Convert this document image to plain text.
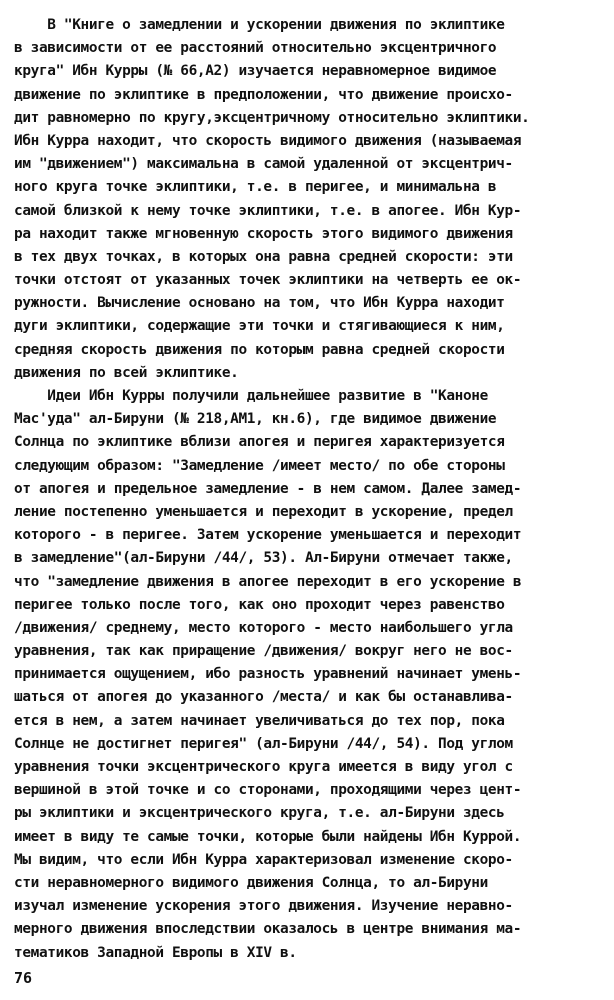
В "Книге о замедлении и ускорении движения по эклиптике
в зависимости от ее расстояний относительно эксцентричного
круга" Ибн Курры (№ 66,А2) изучается неравномерное видимое
движение по эклиптике в предположении, что движение происхо-
дит равномерно по кругу,эксцентричному относительно эклиптики.
Ибн Курра находит, что скорость видимого движения (называемая
им "движением") максимальна в самой удаленной от эксцентрич-
ного круга точке эклиптики, т.е. в перигее, и минимальна в
самой близкой к нему точке эклиптики, т.е. в апогее. Ибн Кур-
ра находит также мгновенную скорость этого видимого движения
в тех двух точках, в которых она равна средней скорости: эти
точки отстоят от указанных точек эклиптики на четверть ее ок-
ружности. Вычисление основано на том, что Ибн Курра находит
дуги эклиптики, содержащие эти точки и стягивающиеся к ним,
средняя скорость движения по которым равна средней скорости
движения по всей эклиптике.
Идеи Ибн Курры получили дальнейшее развитие в "Каноне
Мас'уда" ал-Бируни (№ 218,АМ1, кн.6), где видимое движение
Солнца по эклиптике вблизи апогея и перигея характеризуется
следующим образом: "Замедление /имеет место/ по обе стороны
от апогея и предельное замедление - в нем самом. Далее замед-
ление постепенно уменьшается и переходит в ускорение, предел
которого - в перигее. Затем ускорение уменьшается и переходит
в замедление"(ал-Бируни /44/, 53). Ал-Бируни отмечает также,
что "замедление движения в апогее переходит в его ускорение в
перигее только после того, как оно проходит через равенство
/движения/ среднему, место которого - место наибольшего угла
уравнения, так как приращение /движения/ вокруг него не вос-
принимается ощущением, ибо разность уравнений начинает умень-
шаться от апогея до указанного /места/ и как бы останавлива-
ется в нем, а затем начинает увеличиваться до тех пор, пока
Солнце не достигнет перигея" (ал-Бируни /44/, 54). Под углом
уравнения точки эксцентрического круга имеется в виду угол с
вершиной в этой точке и со сторонами, проходящими через цент-
ры эклиптики и эксцентрического круга, т.е. ал-Бируни здесь
имеет в виду те самые точки, которые были найдены Ибн Куррой.
Мы видим, что если Ибн Курра характеризовал изменение скоро-
сти неравномерного видимого движения Солнца, то ал-Бируни
изучал изменение ускорения этого движения. Изучение неравно-
мерного движения впоследствии оказалось в центре внимания ма-
тематиков Западной Европы в XIV в.
76
